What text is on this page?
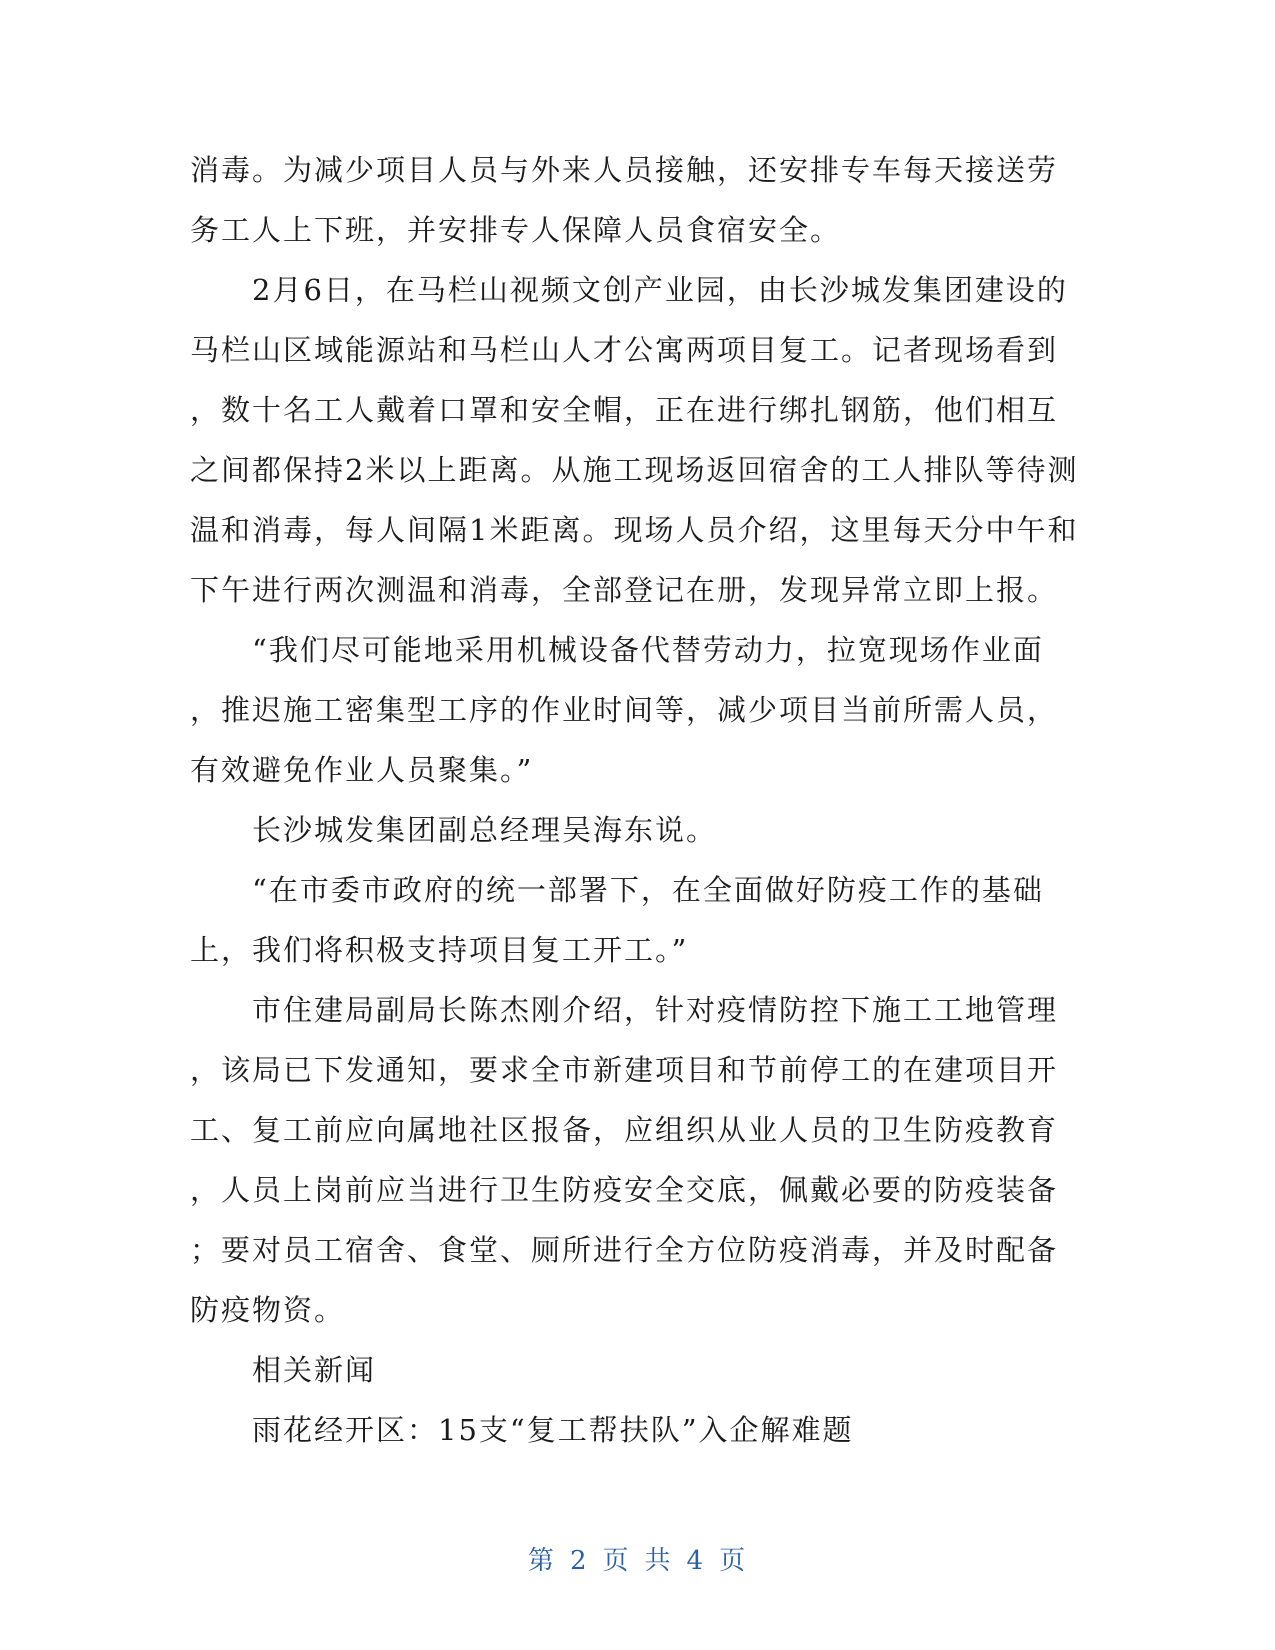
消毒。为减少项目人员与外来人员接触，还安排专车每天接送劳
务工人上下班，并安排专人保障人员食宿安全。
2月6日，在马栏山视频文创产业园，由长沙城发集团建设的
马栏山区域能源站和马栏山人才公寓两项目复工。记者现场看到
，数十名工人戴着口罩和安全帽，正在进行绑扎钢筋，他们相互
之间都保持2米以上距离。从施工现场返回宿舍的工人排队等待测
温和消毒，每人间隔1米距离。现场人员介绍，这里每天分中午和
下午进行两次测温和消毒，全部登记在册，发现异常立即上报。
“我们尽可能地采用机械设备代替劳动力，拉宽现场作业面
，推迟施工密集型工序的作业时间等，减少项目当前所需人员，
有效避免作业人员聚集。”
长沙城发集团副总经理吴海东说。
“在市委市政府的统一部署下，在全面做好防疫工作的基础
上，我们将积极支持项目复工开工。”
市住建局副局长陈杰刚介绍，针对疫情防控下施工工地管理
，该局已下发通知，要求全市新建项目和节前停工的在建项目开
工、复工前应向属地社区报备，应组织从业人员的卫生防疫教育
，人员上岗前应当进行卫生防疫安全交底，佩戴必要的防疫装备
；要对员工宿舍、食堂、厕所进行全方位防疫消毒，并及时配备
防疫物资。
相关新闻
雨花经开区：15支“复工帮扶队”入企解难题
第 2 页 共 4 页
